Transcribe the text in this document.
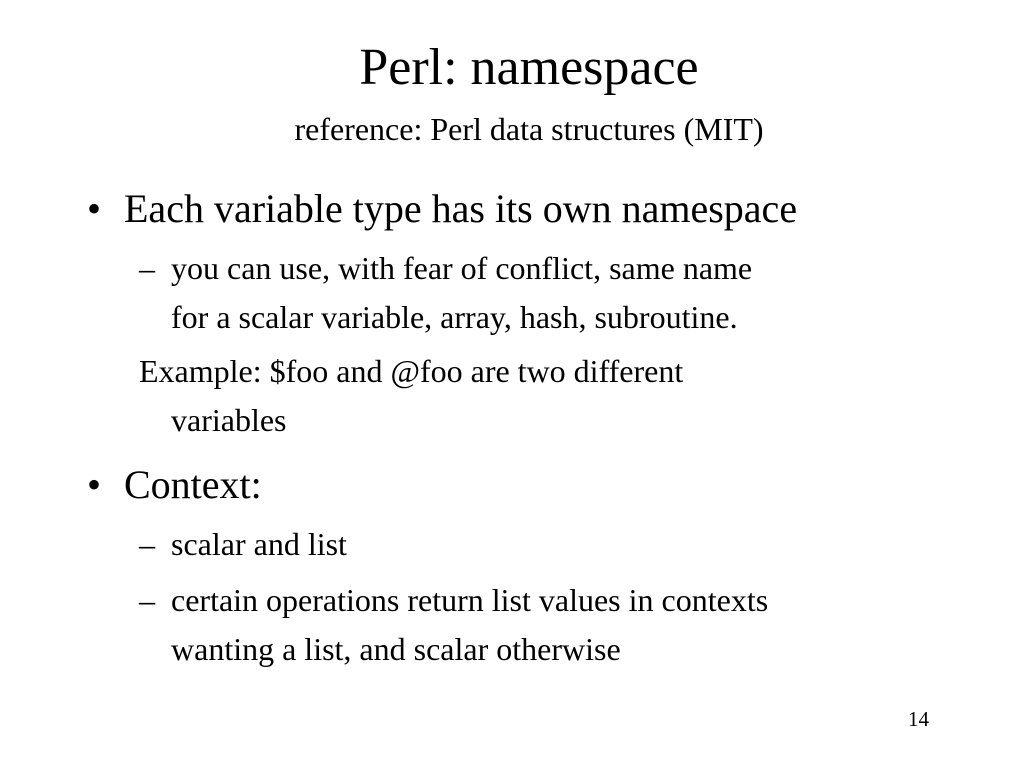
Perl: namespace
reference: Perl data structures (MIT)
• Each variable type has its own namespace
– you can use, with fear of conflict, same name
for a scalar variable, array, hash, subroutine.
Example: $foo and @foo are two different
variables
• Context:
– scalar and list
– certain operations return list values in contexts
wanting a list, and scalar otherwise
14
